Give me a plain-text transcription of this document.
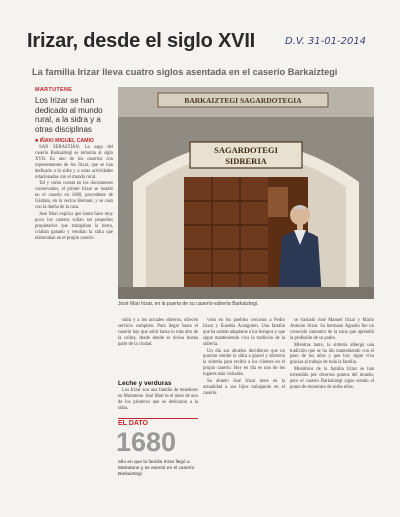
Irizar, desde el siglo XVII	D.V. 31-01-2014
La familia Irizar lleva cuatro siglos asentada en el caserío Barkaiztegi
MARTUTENE
Los Irizar se han dedicado al mundo rural, a la sidra y a otras disciplinas
■ IÑAKI MIGUEL CAMIO

SAN SEBASTIÁN. La saga del caserío Barkaiztegi se remonta al siglo XVII. Es uno de los caseríos con representantes de los Irizar, que se han dedicado a la sidra y a otras actividades relacionadas con el mundo rural.

Tal y como consta en los documentos conservados, el primer Irizar se instaló en el caserío en 1680, procedente de Gárdata, en la vecina Hernani, y se casó con la dueña de la casa.

José Mari explica que hasta hace muy poco los caseros solían ser pequeños propietarios que trabajaban la tierra, criaban ganado y vendían la sidra que elaboraban en el propio caserío.

BARKAIZTEGI SAGARDOTEGIA
SAGARDOTEGI
SIDRERIA
José Mari Irizar, en la puerta de su caserío-sidrería Barkaiztegi.

sidra y a los actuales sidreros, ofrecen servicio completo. Para llegar hasta el caserío hay que subir hasta lo más alto de la colina, desde donde se divisa buena parte de la ciudad.

Leche y verduras

Los Irizar son una familia de tenedores en Martutene. José Mari es el nieto de uno de los primeros que se dedicaron a la sidra.

EL DATO
1680
año en que la familia Irizar llegó a Martutene y se asentó en el caserío Barkaiztegi

visto en los pueblos cercanos a Pedro Irizar y Eusebia Aranguren. Una familia que ha sabido adaptarse a los tiempos y que sigue manteniendo viva la tradición de la sidrería.

Un día sus abuelos decidieron que no querían vender la sidra a granel y abrieron la sidrería para recibir a los clientes en el propio caserío. Hoy en día es uno de los lugares más visitados.

Su abuelo José Irizar tiene en la actualidad a sus hijos trabajando en el caserío.

se trasladó José Manuel Irizar y Mario Antonio Irizar. Su hermano Agustín fue un conocido cantautor de la zona que aprendió la profesión de su padre.

Mientras tanto, la sidrería albergó una tradición que se ha ido manteniendo con el paso de los años y que hoy sigue viva gracias al trabajo de toda la familia.

Miembros de la familia Irizar se han extendido por diversos puntos del mundo, pero el caserío Barkaiztegi sigue siendo el punto de encuentro de todos ellos.
